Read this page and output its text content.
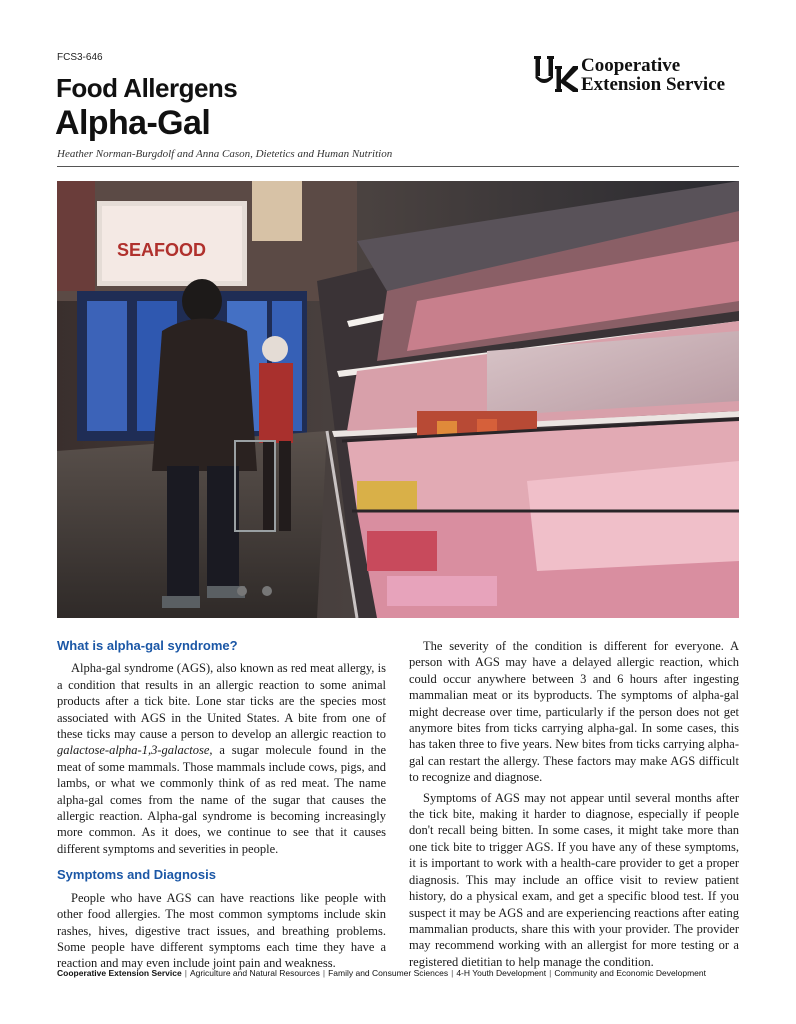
FCS3-646
Food Allergens
Alpha-Gal
Heather Norman-Burgdolf and Anna Cason, Dietetics and Human Nutrition
Cooperative
Extension Service
SEAFOOD
What is alpha-gal syndrome?

Alpha-gal syndrome (AGS), also known as red meat allergy, is a condition that results in an allergic reaction to some animal products after a tick bite. Lone star ticks are the species most associated with AGS in the United States. A bite from one of these ticks may cause a person to develop an allergic reaction to galactose-alpha-1,3-galactose, a sugar molecule found in the meat of some mammals. Those mammals include cows, pigs, and lambs, or what we commonly think of as red meat. The name alpha-gal comes from the name of the sugar that causes the allergic reaction. Alpha-gal syndrome is becoming increasingly more common. As it does, we continue to see that it causes different symptoms and severities in people.

Symptoms and Diagnosis

People who have AGS can have reactions like people with other food allergies. The most common symptoms include skin rashes, hives, digestive tract issues, and breathing problems. Some people have different symptoms each time they have a reaction and may even include joint pain and weakness.

The severity of the condition is different for everyone. A person with AGS may have a delayed allergic reaction, which could occur anywhere between 3 and 6 hours after ingesting mammalian meat or its byproducts. The symptoms of alpha-gal might decrease over time, particularly if the person does not get anymore bites from ticks carrying alpha-gal. In some cases, this has taken three to five years. New bites from ticks carrying alpha-gal can restart the allergy. These factors may make AGS difficult to recognize and diagnose.

Symptoms of AGS may not appear until several months after the tick bite, making it harder to diagnose, especially if people don't recall being bitten. In some cases, it might take more than one tick bite to trigger AGS. If you have any of these symptoms, it is important to work with a health-care provider to get a proper diagnosis. This may include an office visit to review patient history, do a physical exam, and get a specific blood test. If you suspect it may be AGS and are experiencing reactions after eating mammalian products, share this with your provider. The provider may recommend working with an allergist for more testing or a registered dietitian to help manage the condition.

Cooperative Extension Service | Agriculture and Natural Resources | Family and Consumer Sciences | 4-H Youth Development | Community and Economic Development
